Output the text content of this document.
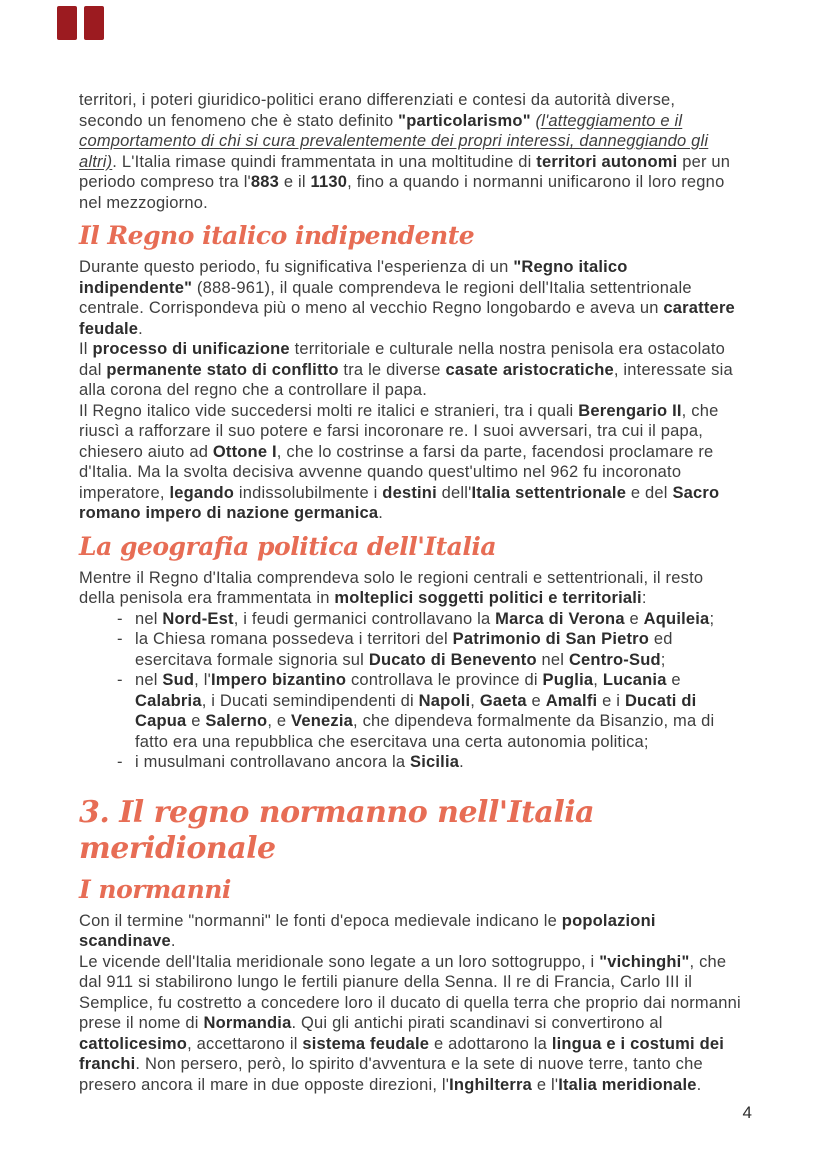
territori, i poteri giuridico-politici erano differenziati e contesi da autorità diverse, secondo un fenomeno che è stato definito "particolarismo" (l'atteggiamento e il comportamento di chi si cura prevalentemente dei propri interessi, danneggiando gli altri). L'Italia rimase quindi frammentata in una moltitudine di territori autonomi per un periodo compreso tra l'883 e il 1130, fino a quando i normanni unificarono il loro regno nel mezzogiorno.

Il Regno italico indipendente

Durante questo periodo, fu significativa l'esperienza di un "Regno italico indipendente" (888-961), il quale comprendeva le regioni dell'Italia settentrionale centrale. Corrispondeva più o meno al vecchio Regno longobardo e aveva un carattere feudale.

Il processo di unificazione territoriale e culturale nella nostra penisola era ostacolato dal permanente stato di conflitto tra le diverse casate aristocratiche, interessate sia alla corona del regno che a controllare il papa.

Il Regno italico vide succedersi molti re italici e stranieri, tra i quali Berengario II, che riuscì a rafforzare il suo potere e farsi incoronare re. I suoi avversari, tra cui il papa, chiesero aiuto ad Ottone I, che lo costrinse a farsi da parte, facendosi proclamare re d'Italia. Ma la svolta decisiva avvenne quando quest'ultimo nel 962 fu incoronato imperatore, legando indissolubilmente i destini dell'Italia settentrionale e del Sacro romano impero di nazione germanica.

La geografia politica dell'Italia

Mentre il Regno d'Italia comprendeva solo le regioni centrali e settentrionali, il resto della penisola era frammentata in molteplici soggetti politici e territoriali:

- nel Nord-Est, i feudi germanici controllavano la Marca di Verona e Aquileia;
- la Chiesa romana possedeva i territori del Patrimonio di San Pietro ed esercitava formale signoria sul Ducato di Benevento nel Centro-Sud;
- nel Sud, l'Impero bizantino controllava le province di Puglia, Lucania e Calabria, i Ducati semindipendenti di Napoli, Gaeta e Amalfi e i Ducati di Capua e Salerno, e Venezia, che dipendeva formalmente da Bisanzio, ma di fatto era una repubblica che esercitava una certa autonomia politica;
- i musulmani controllavano ancora la Sicilia.
3. Il regno normanno nell'Italia meridionale
I normanni

Con il termine "normanni" le fonti d'epoca medievale indicano le popolazioni scandinave.

Le vicende dell'Italia meridionale sono legate a un loro sottogruppo, i "vichinghi", che dal 911 si stabilirono lungo le fertili pianure della Senna. Il re di Francia, Carlo III il Semplice, fu costretto a concedere loro il ducato di quella terra che proprio dai normanni prese il nome di Normandia. Qui gli antichi pirati scandinavi si convertirono al cattolicesimo, accettarono il sistema feudale e adottarono la lingua e i costumi dei franchi. Non persero, però, lo spirito d'avventura e la sete di nuove terre, tanto che presero ancora il mare in due opposte direzioni, l'Inghilterra e l'Italia meridionale.

4
